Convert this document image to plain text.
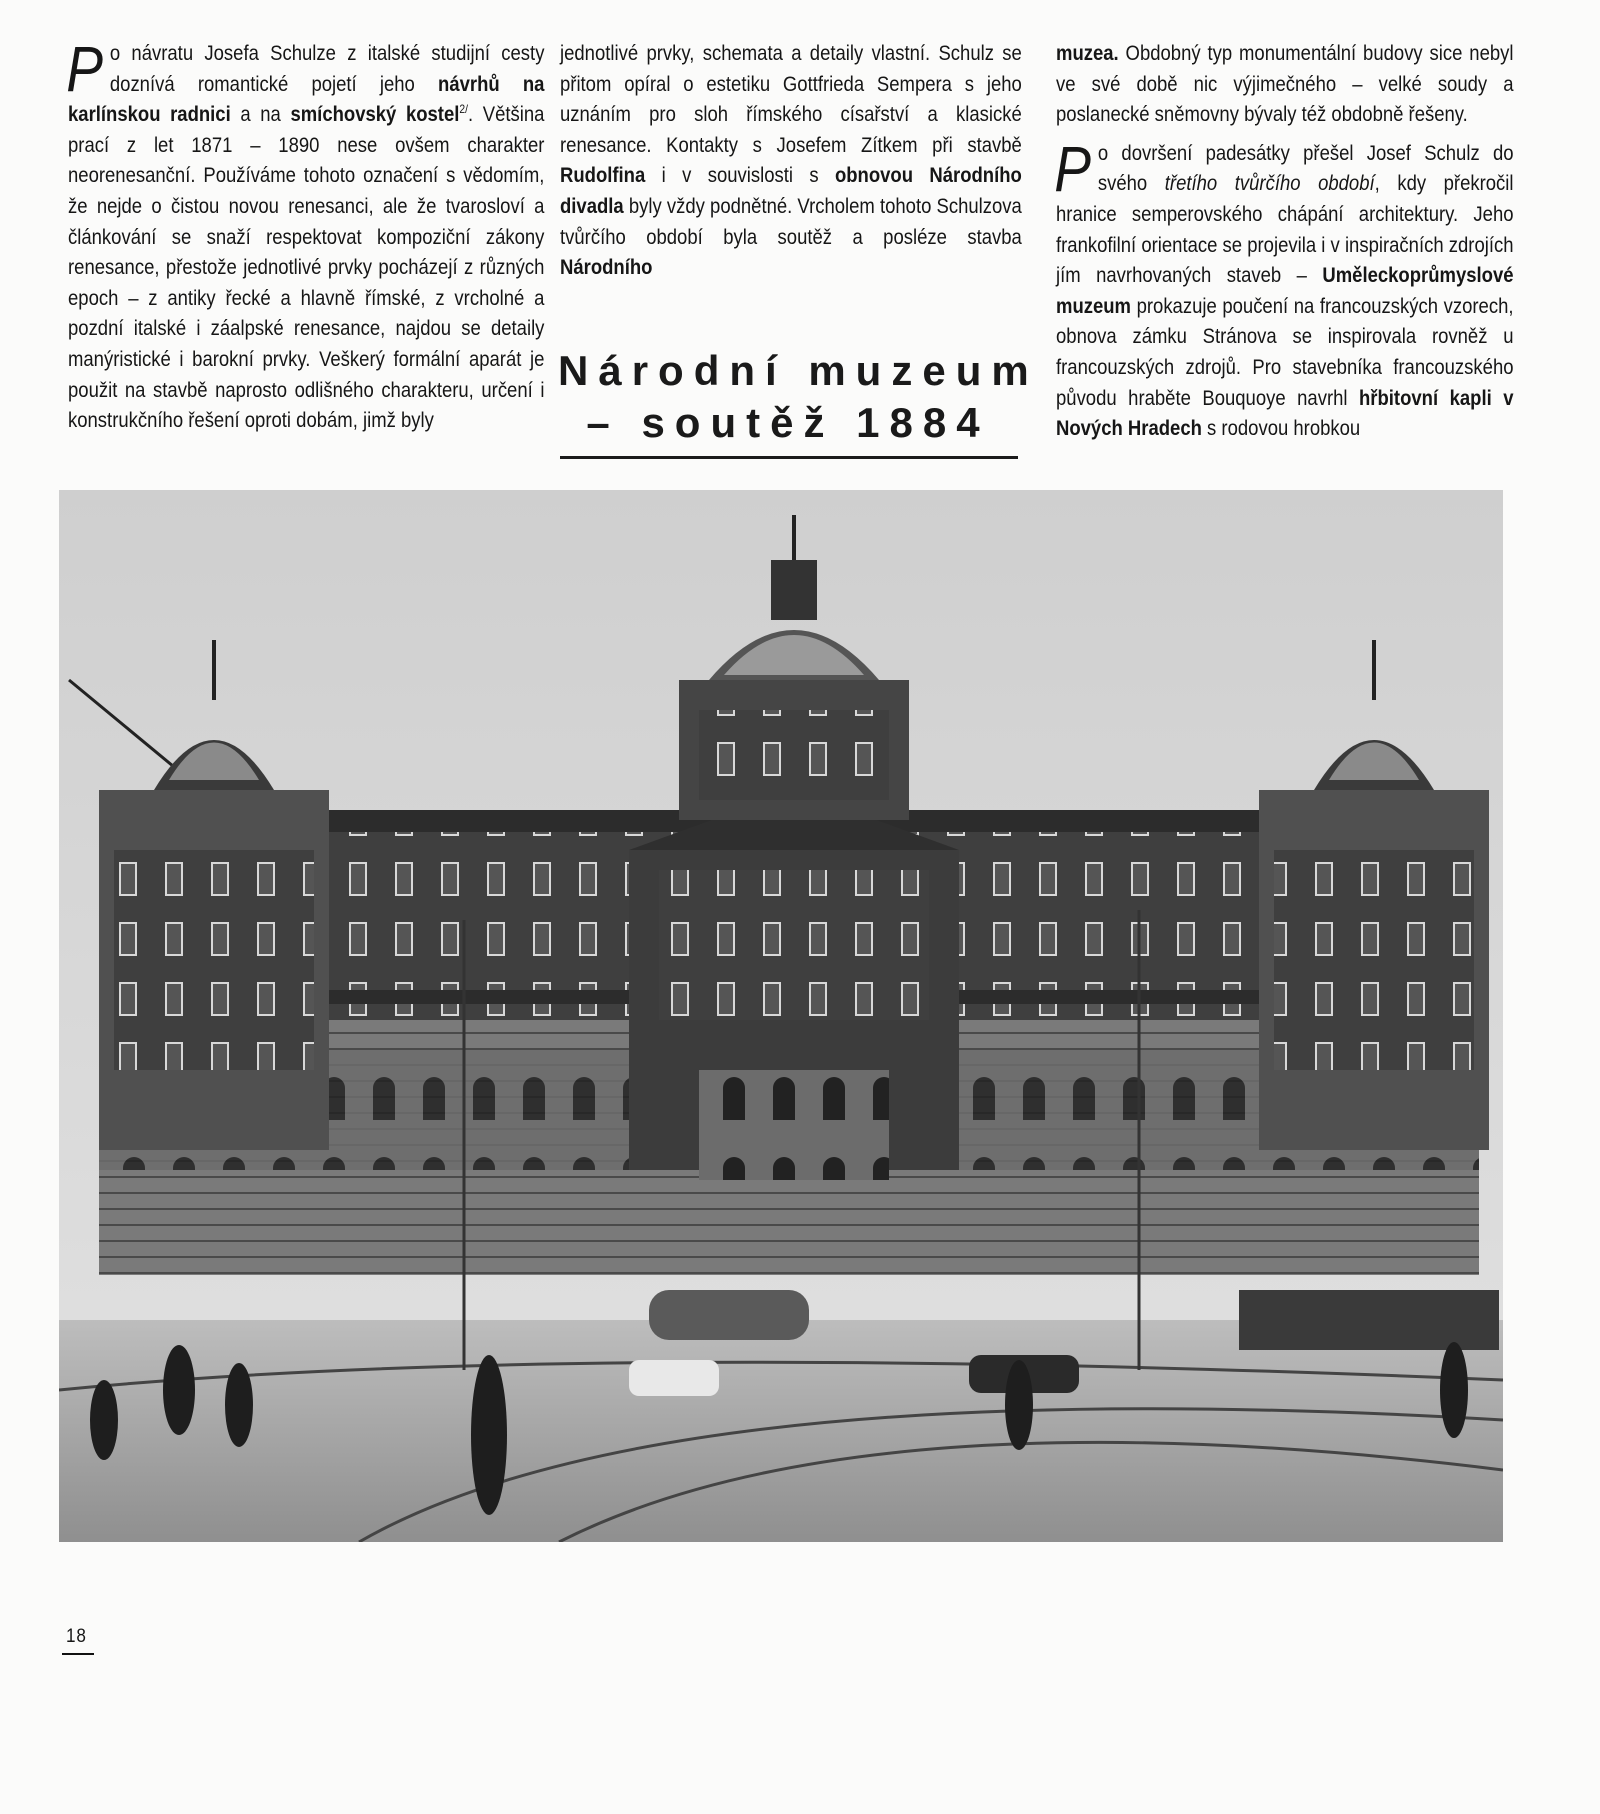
Po návratu Josefa Schulze z italské studijní cesty doznívá romantické pojetí jeho návrhů na karlínskou radnici a na smíchovský kostel$^{2/}$. Většina prací z let 1871 – 1890 nese ovšem charakter neorenesanční. Používáme tohoto označení s vědomím, že nejde o čistou novou renesanci, ale že tvarosloví a článkování se snaží respektovat kompoziční zákony renesance, přestože jednotlivé prvky pocházejí z různých epoch – z antiky řecké a hlavně římské, z vrcholné a pozdní italské i záalpské renesance, najdou se detaily manýristické i barokní prvky. Veškerý formální aparát je použit na stavbě naprosto odlišného charakteru, určení i konstrukčního řešení oproti dobám, jimž byly

jednotlivé prvky, schemata a detaily vlastní. Schulz se přitom opíral o estetiku Gottfrieda Sempera s jeho uznáním pro sloh římského císařství a klasické renesance. Kontakty s Josefem Zítkem při stavbě Rudolfina i v souvislosti s obnovou Národního divadla byly vždy podnětné. Vrcholem tohoto Schulzova tvůrčího období byla soutěž a posléze stavba Národního

Národní muzeum
– soutěž 1884

muzea. Obdobný typ monumentální budovy sice nebyl ve své době nic výjimečného – velké soudy a poslanecké sněmovny bývaly též obdobně řešeny.

Po dovršení padesátky přešel Josef Schulz do svého třetího tvůrčího období, kdy překročil hranice semperovského chápání architektury. Jeho frankofilní orientace se projevila i v inspiračních zdrojích jím navrhovaných staveb – Uměleckoprůmyslové muzeum prokazuje poučení na francouzských vzorech, obnova zámku Stránova se inspirovala rovněž u francouzských zdrojů. Pro stavebníka francouzského původu hraběte Bouquoye navrhl hřbitovní kapli v Nových Hradech s rodovou hrobkou

18
